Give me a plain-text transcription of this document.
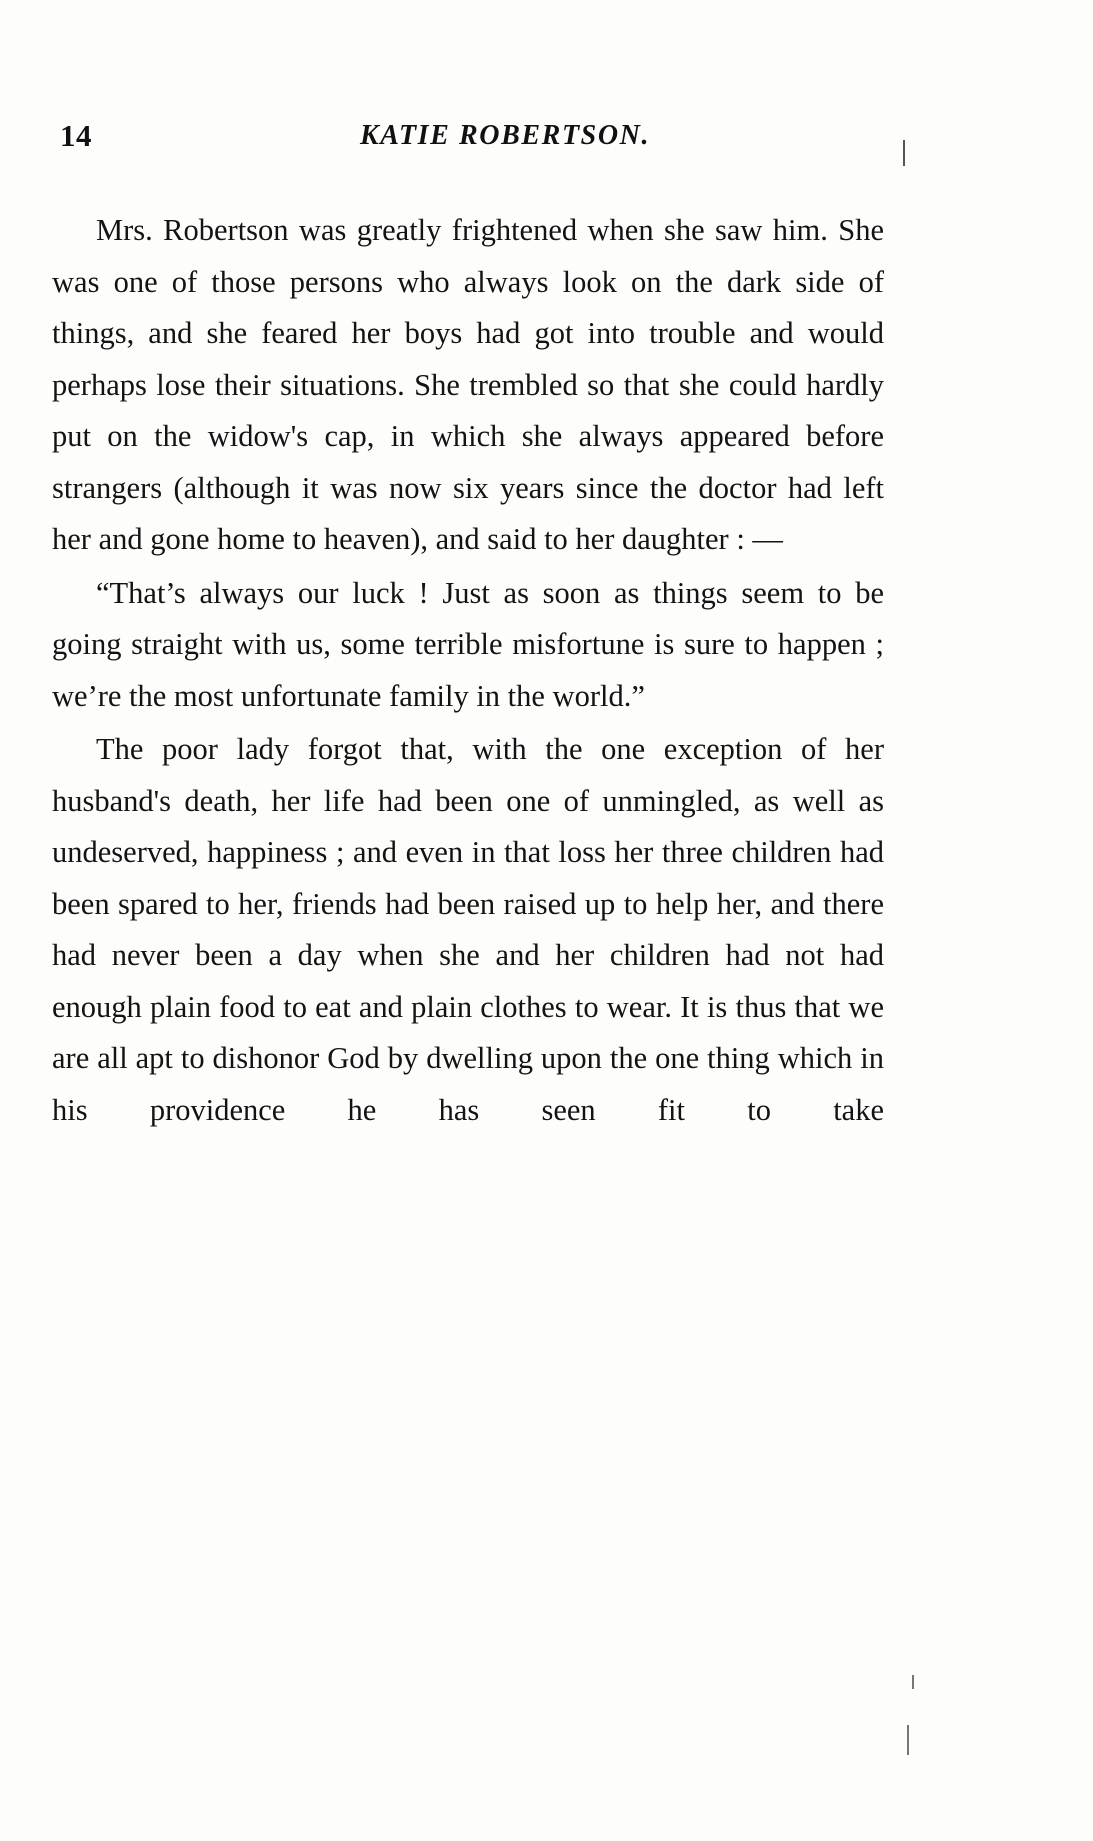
14	KATIE ROBERTSON.

Mrs. Robertson was greatly frightened when she saw him. She was one of those persons who always look on the dark side of things, and she feared her boys had got into trouble and would perhaps lose their situations. She trembled so that she could hardly put on the widow's cap, in which she always appeared before strangers (although it was now six years since the doctor had left her and gone home to heaven), and said to her daughter : —

“That’s always our luck ! Just as soon as things seem to be going straight with us, some terrible misfortune is sure to happen ; we’re the most unfortunate family in the world.”

The poor lady forgot that, with the one exception of her husband's death, her life had been one of unmingled, as well as undeserved, happiness ; and even in that loss her three children had been spared to her, friends had been raised up to help her, and there had never been a day when she and her children had not had enough plain food to eat and plain clothes to wear. It is thus that we are all apt to dishonor God by dwelling upon the one thing which in his providence he has seen fit to take
